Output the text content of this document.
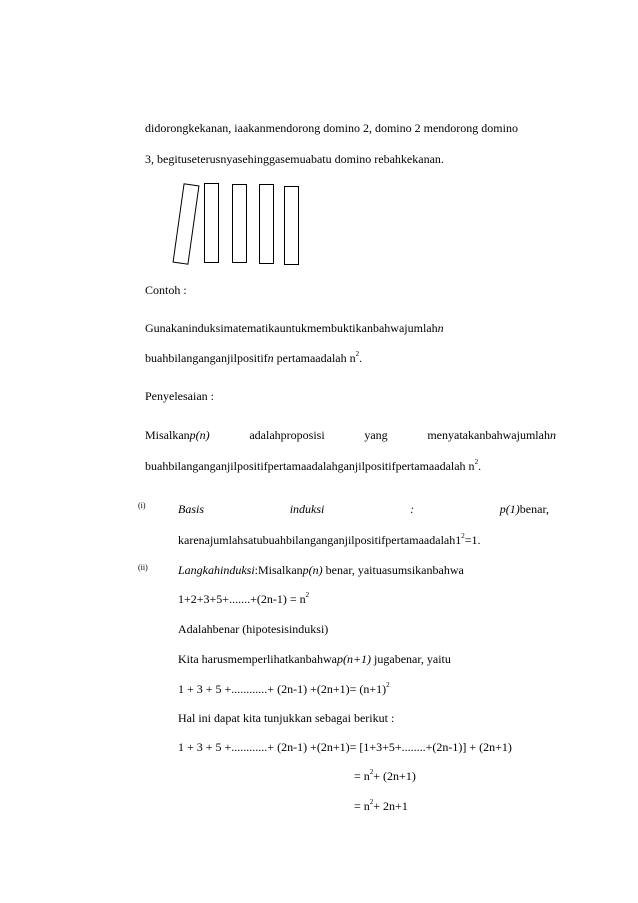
didorongkekanan, iaakanmendorong domino 2, domino 2 mendorong domino
3, begituseterusnyasehinggasemuabatu domino rebahkekanan.
Contoh :
Gunakaninduksimatematikauntukmembuktikanbahwajumlahn
buahbilanganganjilpositifn pertamaadalah $n^2$.
Penyelesaian :
Misalkanp(n)	adalahproposisi	yang	menyatakanbahwajumlahn
buahbilanganganjilpositifpertamaadalahganjilpositifpertamaadalah $n^2$.
(i)	Basis	induksi	:	p(1)benar,
$karenajumlahsatubuahbilanganganjilpositifpertamaadalah1^2=1$.
(ii)	Langkahinduksi:Misalkanp(n) benar, yaituasumsikanbahwa
$1+2+3+5+.......+(2n-1) = n^2$
Adalahbenar (hipotesisinduksi)
Kita harusmemperlihatkanbahwap(n+1) jugabenar, yaitu
1 + 3 + 5 +............+ $(2n-1) +(2n+1)= (n+1)^2$
Hal ini dapat kita tunjukkan sebagai berikut :
1 + 3 + 5 +............+ (2n-1) +(2n+1)= [1+3+5+........+(2n-1)] + (2n+1)
= $n^2+ (2n+1)$
= $n^2+ 2n+1$
